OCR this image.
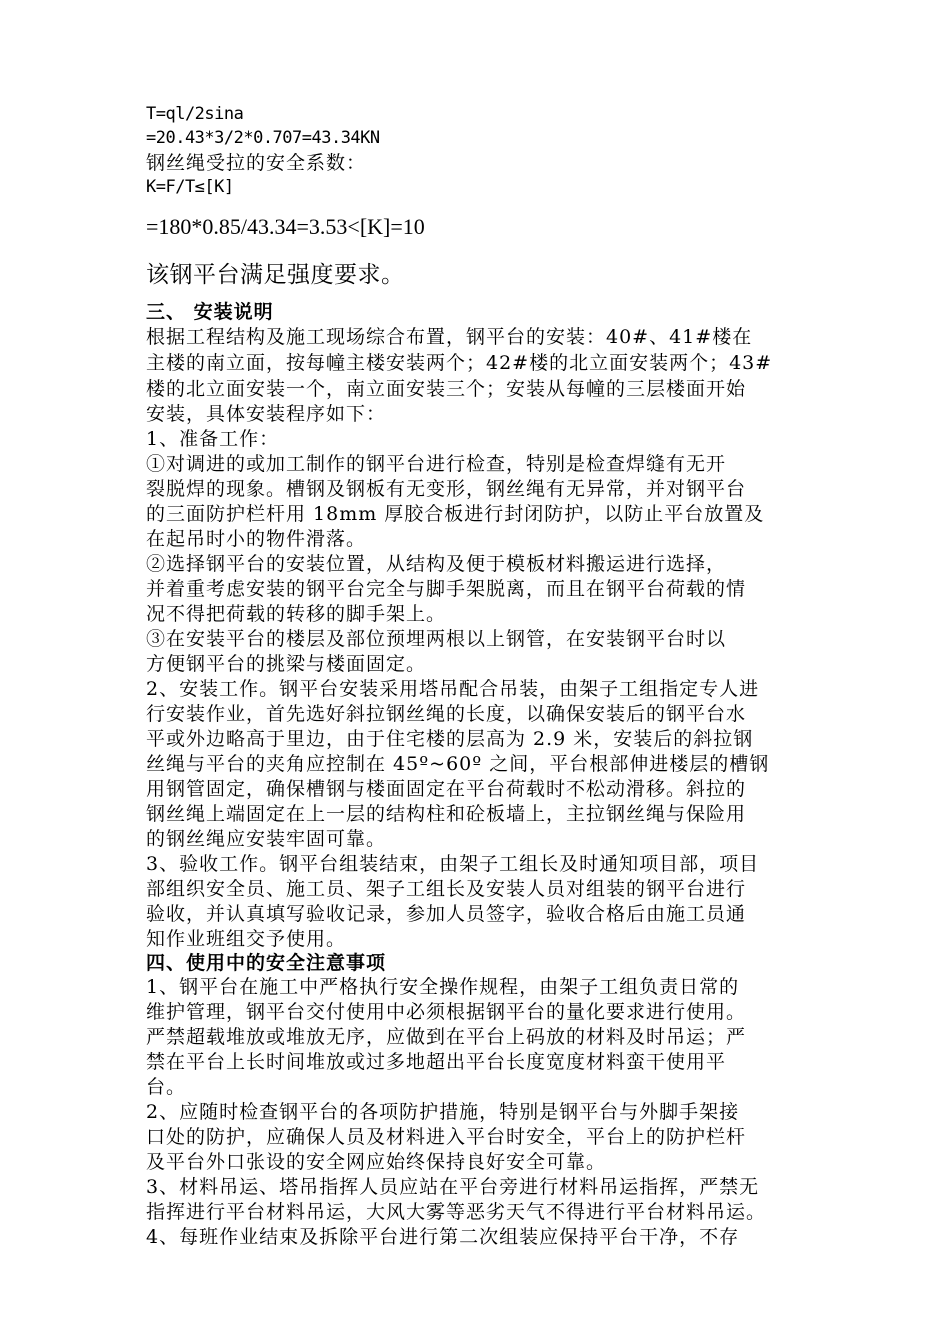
T=ql/2sina
=20.43*3/2*0.707=43.34KN
钢丝绳受拉的安全系数：
K=F/T≤[K]
=180*0.85/43.34=3.53<[K]=10
该钢平台满足强度要求。
三、 安装说明
根据工程结构及施工现场综合布置，钢平台的安装：40#、41#楼在
主楼的南立面，按每幢主楼安装两个；42#楼的北立面安装两个；43#
楼的北立面安装一个，南立面安装三个；安装从每幢的三层楼面开始
安装，具体安装程序如下：
1、准备工作：
①对调进的或加工制作的钢平台进行检查，特别是检查焊缝有无开
裂脱焊的现象。槽钢及钢板有无变形，钢丝绳有无异常，并对钢平台
的三面防护栏杆用 18mm 厚胶合板进行封闭防护，以防止平台放置及
在起吊时小的物件滑落。
②选择钢平台的安装位置，从结构及便于模板材料搬运进行选择，
并着重考虑安装的钢平台完全与脚手架脱离，而且在钢平台荷载的情
况不得把荷载的转移的脚手架上。
③在安装平台的楼层及部位预埋两根以上钢管，在安装钢平台时以
方便钢平台的挑梁与楼面固定。
2、安装工作。钢平台安装采用塔吊配合吊装，由架子工组指定专人进
行安装作业，首先选好斜拉钢丝绳的长度，以确保安装后的钢平台水
平或外边略高于里边，由于住宅楼的层高为 2.9 米，安装后的斜拉钢
丝绳与平台的夹角应控制在 45º~60º 之间，平台根部伸进楼层的槽钢
用钢管固定，确保槽钢与楼面固定在平台荷载时不松动滑移。斜拉的
钢丝绳上端固定在上一层的结构柱和砼板墙上，主拉钢丝绳与保险用
的钢丝绳应安装牢固可靠。
3、验收工作。钢平台组装结束，由架子工组长及时通知项目部，项目
部组织安全员、施工员、架子工组长及安装人员对组装的钢平台进行
验收，并认真填写验收记录，参加人员签字，验收合格后由施工员通
知作业班组交予使用。
四、使用中的安全注意事项
1、钢平台在施工中严格执行安全操作规程，由架子工组负责日常的
维护管理，钢平台交付使用中必须根据钢平台的量化要求进行使用。
严禁超载堆放或堆放无序，应做到在平台上码放的材料及时吊运；严
禁在平台上长时间堆放或过多地超出平台长度宽度材料蛮干使用平
台。
2、应随时检查钢平台的各项防护措施，特别是钢平台与外脚手架接
口处的防护，应确保人员及材料进入平台时安全，平台上的防护栏杆
及平台外口张设的安全网应始终保持良好安全可靠。
3、材料吊运、塔吊指挥人员应站在平台旁进行材料吊运指挥，严禁无
指挥进行平台材料吊运，大风大雾等恶劣天气不得进行平台材料吊运。
4、每班作业结束及拆除平台进行第二次组装应保持平台干净，不存
